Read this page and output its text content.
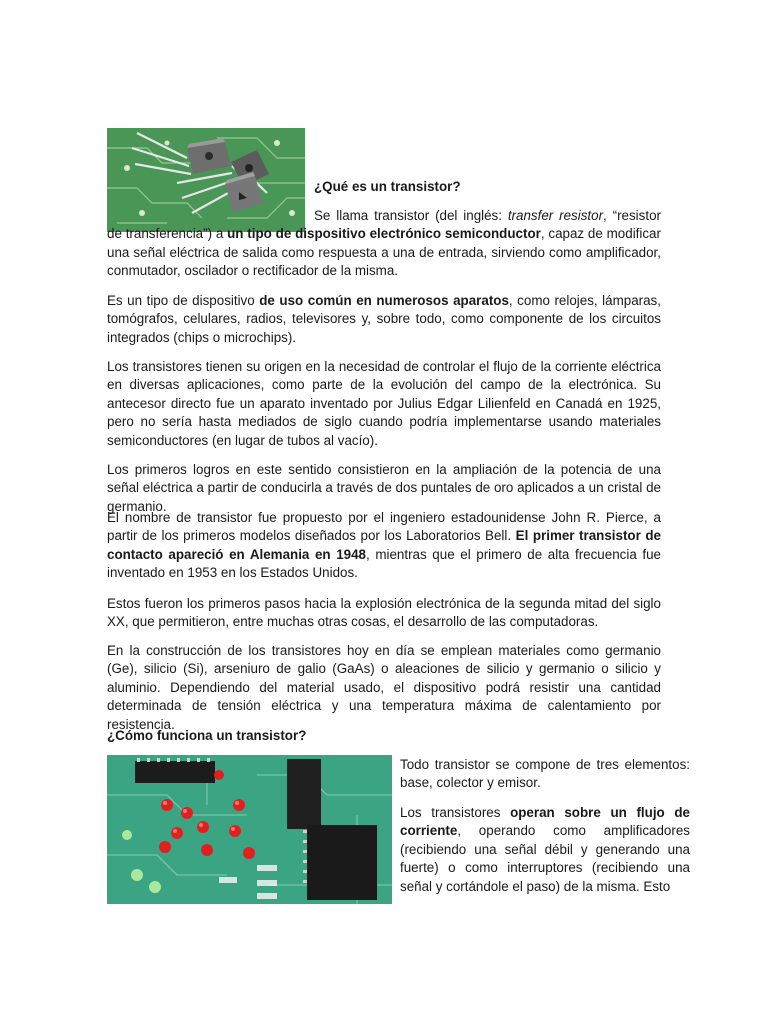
¿Qué es un transistor?

Se llama transistor (del inglés: transfer resistor, “resistor de transferencia”) a un tipo de dispositivo electrónico semiconductor, capaz de modificar una señal eléctrica de salida como respuesta a una de entrada, sirviendo como amplificador, conmutador, oscilador o rectificador de la misma.

Es un tipo de dispositivo de uso común en numerosos aparatos, como relojes, lámparas, tomógrafos, celulares, radios, televisores y, sobre todo, como componente de los circuitos integrados (chips o microchips).

Los transistores tienen su origen en la necesidad de controlar el flujo de la corriente eléctrica en diversas aplicaciones, como parte de la evolución del campo de la electrónica. Su antecesor directo fue un aparato inventado por Julius Edgar Lilienfeld en Canadá en 1925, pero no sería hasta mediados de siglo cuando podría implementarse usando materiales semiconductores (en lugar de tubos al vacío).

Los primeros logros en este sentido consistieron en la ampliación de la potencia de una señal eléctrica a partir de conducirla a través de dos puntales de oro aplicados a un cristal de germanio.

El nombre de transistor fue propuesto por el ingeniero estadounidense John R. Pierce, a partir de los primeros modelos diseñados por los Laboratorios Bell. El primer transistor de contacto apareció en Alemania en 1948, mientras que el primero de alta frecuencia fue inventado en 1953 en los Estados Unidos.

Estos fueron los primeros pasos hacia la explosión electrónica de la segunda mitad del siglo XX, que permitieron, entre muchas otras cosas, el desarrollo de las computadoras.

En la construcción de los transistores hoy en día se emplean materiales como germanio (Ge), silicio (Si), arseniuro de galio (GaAs) o aleaciones de silicio y germanio o silicio y aluminio. Dependiendo del material usado, el dispositivo podrá resistir una cantidad determinada de tensión eléctrica y una temperatura máxima de calentamiento por resistencia.

¿Cómo funciona un transistor?

Todo transistor se compone de tres elementos: base, colector y emisor.

Los transistores operan sobre un flujo de corriente, operando como amplificadores (recibiendo una señal débil y generando una fuerte) o como interruptores (recibiendo una señal y cortándole el paso) de la misma. Esto
